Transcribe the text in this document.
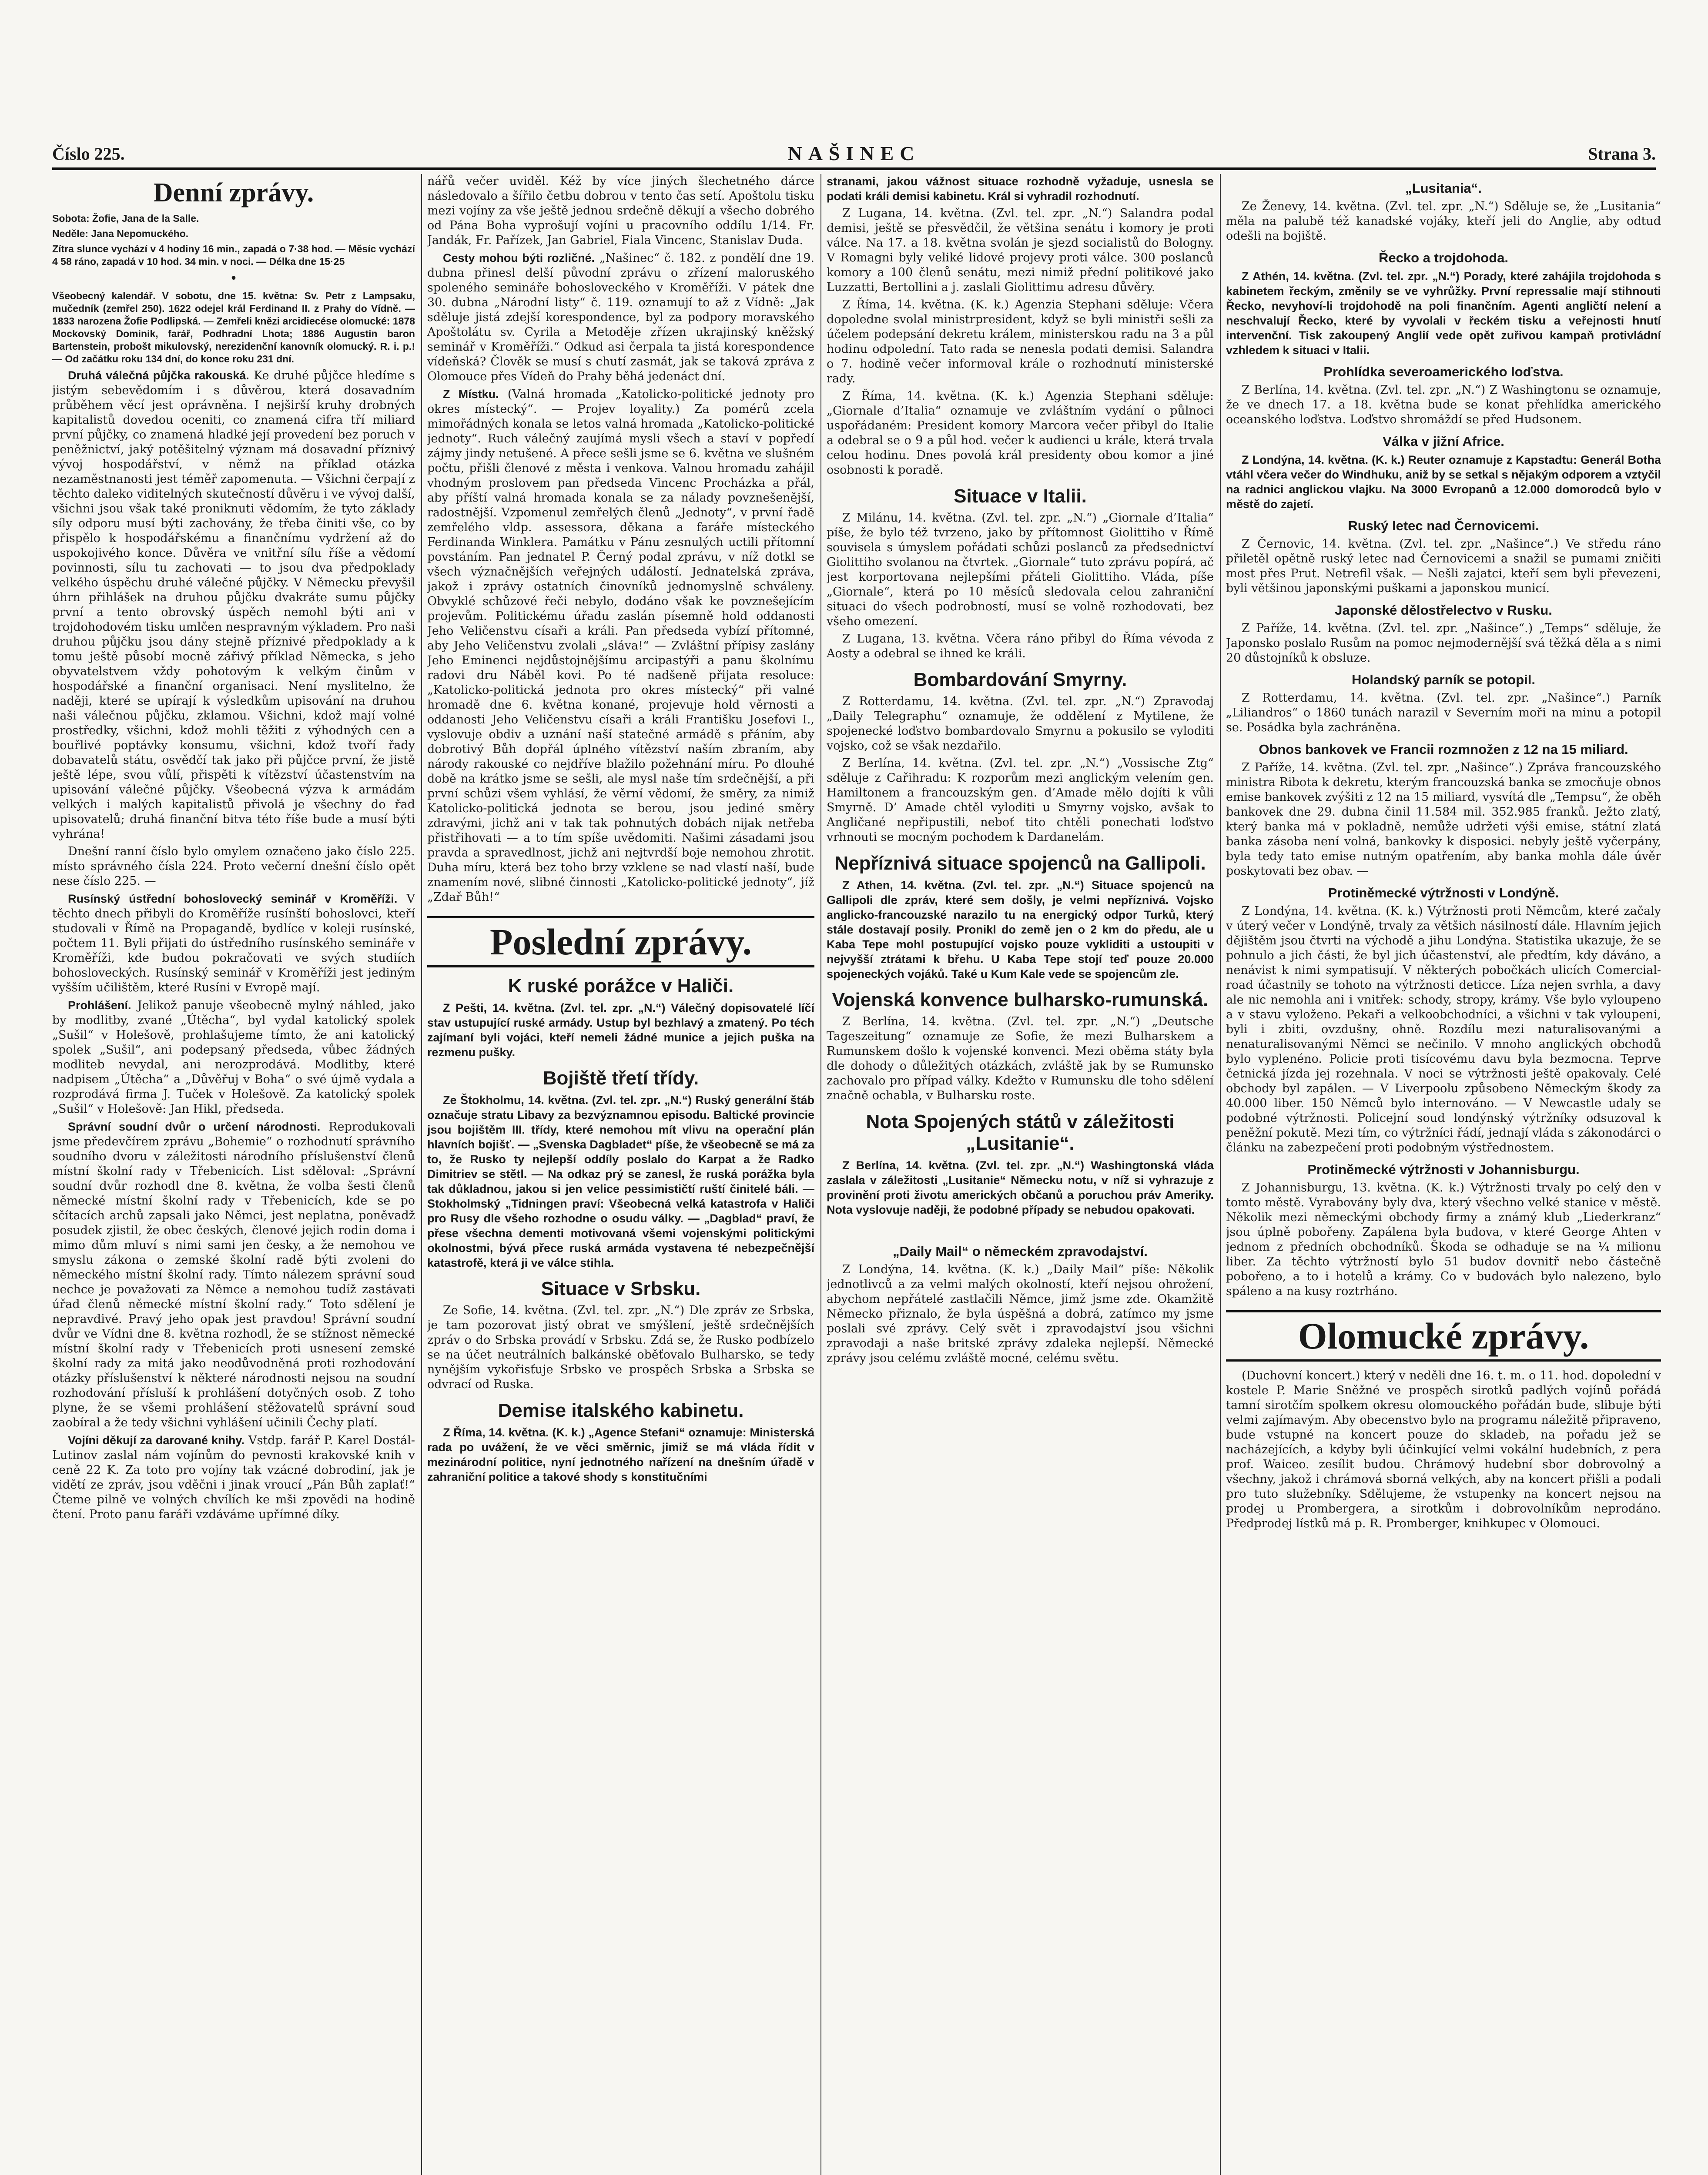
Číslo 225.	NAŠINEC	Strana 3.
Denní zprávy.

Sobota: Žofie, Jana de la Salle.

Neděle: Jana Nepomuckého.

Zítra slunce vychází v 4 hodiny 16 min., zapadá o 7·38 hod. — Měsíc vychází 4 58 ráno, zapadá v 10 hod. 34 min. v noci. — Délka dne 15·25

•

Všeobecný kalendář. V sobotu, dne 15. května: Sv. Petr z Lampsaku, mučedník (zemřel 250). 1622 odejel král Ferdinand II. z Prahy do Vídně. — 1833 narozena Žofie Podlipská. — Zemřeli knězi arcidiecése olomucké: 1878 Mockovský Dominik, farář, Podhradní Lhota; 1886 Augustin baron Bartenstein, probošt mikulovský, nerezidenční kanovník olomucký. R. i. p.! — Od začátku roku 134 dní, do konce roku 231 dní.

Druhá válečná půjčka rakouská. Ke druhé půjčce hledíme s jistým sebevědomím i s důvěrou, která dosavadním průběhem věcí jest oprávněna. I nejširší kruhy drobných kapitalistů dovedou oceniti, co znamená cifra tří miliard první půjčky, co znamená hladké její provedení bez poruch v peněžnictví, jaký potěšitelný význam má dosavadní příznivý vývoj hospodářství, v němž na příklad otázka nezaměstnanosti jest téměř zapomenuta. — Všichni čerpají z těchto daleko viditelných skutečností důvěru i ve vývoj další, všichni jsou však také proniknuti vědomím, že tyto základy síly odporu musí býti zachovány, že třeba činiti vše, co by přispělo k hospodářskému a finančnímu vydržení až do uspokojivého konce. Důvěra ve vnitřní sílu říše a vědomí povinnosti, sílu tu zachovati — to jsou dva předpoklady velkého úspěchu druhé válečné půjčky. V Německu převyšil úhrn přihlášek na druhou půjčku dvakráte sumu půjčky první a tento obrovský úspěch nemohl býti ani v trojdohodovém tisku umlčen nespravným výkladem. Pro naši druhou půjčku jsou dány stejně příznivé předpoklady a k tomu ještě působí mocně zářivý příklad Německa, s jeho obyvatelstvem vždy pohotovým k velkým činům v hospodářské a finanční organisaci. Není myslitelno, že naději, které se upírají k výsledkům upisování na druhou naši válečnou půjčku, zklamou. Všichni, kdož mají volné prostředky, všichni, kdož mohli těžiti z výhodných cen a bouřlivé poptávky konsumu, všichni, kdož tvoří řady dobavatelů státu, osvědčí tak jako při půjčce první, že jistě ještě lépe, svou vůlí, přispěti k vítězství účastenstvím na upisování válečné půjčky. Všeobecná výzva k armádám velkých i malých kapitalistů přivolá je všechny do řad upisovatelů; druhá finanční bitva této říše bude a musí býti vyhrána!

Dnešní ranní číslo bylo omylem označeno jako číslo 225. místo správného čísla 224. Proto večerní dnešní číslo opět nese číslo 225. —

Rusínský ústřední bohoslovecký seminář v Kroměříži. V těchto dnech přibyli do Kroměříže rusínští bohoslovci, kteří studovali v Římě na Propagandě, bydlíce v koleji rusínské, počtem 11. Byli přijati do ústředního rusínského semináře v Kroměříži, kde budou pokračovati ve svých studiích bohosloveckých. Rusínský seminář v Kroměříži jest jediným vyšším učilištěm, které Rusíni v Evropě mají.

Prohlášení. Jelikož panuje všeobecně mylný náhled, jako by modlitby, zvané „Útěcha“, byl vydal katolický spolek „Sušil“ v Holešově, prohlašujeme tímto, že ani katolický spolek „Sušil“, ani podepsaný předseda, vůbec žádných modliteb nevydal, ani nerozprodává. Modlitby, které nadpisem „Útěcha“ a „Důvěřuj v Boha“ o své újmě vydala a rozprodává firma J. Tuček v Holešově. Za katolický spolek „Sušil“ v Holešově: Jan Hikl, předseda.

Správní soudní dvůr o určení národnosti. Reprodukovali jsme předevčírem zprávu „Bohemie“ o rozhodnutí správního soudního dvoru v záležitosti národního příslušenství členů místní školní rady v Třebenicích. List sděloval: „Správní soudní dvůr rozhodl dne 8. května, že volba šesti členů německé místní školní rady v Třebenicích, kde se po sčítacích archů zapsali jako Němci, jest neplatna, poněvadž posudek zjistil, že obec českých, členové jejich rodin doma i mimo dům mluví s nimi sami jen česky, a že nemohou ve smyslu zákona o zemské školní radě býti zvoleni do německého místní školní rady. Tímto nálezem správní soud nechce je považovati za Němce a nemohou tudíž zastávati úřad členů německé místní školní rady.“ Toto sdělení je nepravdivé. Pravý jeho opak jest pravdou! Správní soudní dvůr ve Vídni dne 8. května rozhodl, že se stížnost německé místní školní rady v Třebenicích proti usnesení zemské školní rady za mitá jako neodůvodněná proti rozhodování otázky příslušenství k některé národnosti nejsou na soudní rozhodování přísluší k prohlášení dotyčných osob. Z toho plyne, že se všemi prohlášení stěžovatelů správní soud zaobíral a že tedy všichni vyhlášení učinili Čechy platí.

Vojíni děkují za darované knihy. Vstdp. farář P. Karel Dostál-Lutinov zaslal nám vojínům do pevnosti krakovské knih v ceně 22 K. Za toto pro vojíny tak vzácné dobrodiní, jak je vidětí ze zpráv, jsou vděčni i jinak vroucí „Pán Bůh zaplať!“ Čteme pilně ve volných chvílích ke mši zpovědi na hodině čtení. Proto panu faráři vzdáváme upřímné díky.

nářů večer uviděl. Kéž by více jiných šlechetného dárce následovalo a šířilo četbu dobrou v tento čas setí. Apoštolu tisku mezi vojíny za vše ještě jednou srdečně děkují a všecho dobrého od Pána Boha vyprošují vojíni u pracovního oddílu 1/14. Fr. Jandák, Fr. Pařízek, Jan Gabriel, Fiala Vincenc, Stanislav Duda.

Cesty mohou býti rozličné. „Našinec“ č. 182. z pondělí dne 19. dubna přinesl delší původní zprávu o zřízení maloruského spoleného semináře bohosloveckého v Kroměříži. V pátek dne 30. dubna „Národní listy“ č. 119. oznamují to až z Vídně: „Jak sděluje jistá zdejší korespondence, byl za podpory moravského Apoštolátu sv. Cyrila a Metoděje zřízen ukrajinský kněžský seminář v Kroměříži.“ Odkud asi čerpala ta jistá korespondence vídeňská? Člověk se musí s chutí zasmát, jak se taková zpráva z Olomouce přes Vídeň do Prahy běhá jedenáct dní.

Z Místku. (Valná hromada „Katolicko-politické jednoty pro okres místecký“. — Projev loyality.) Za pomérů zcela mimořádných konala se letos valná hromada „Katolicko-politické jednoty“. Ruch válečný zaujímá mysli všech a staví v popředí zájmy jindy netušené. A přece sešli jsme se 6. května ve slušném počtu, přišli členové z města i venkova. Valnou hromadu zahájil vhodným proslovem pan předseda Vincenc Procházka a přál, aby příští valná hromada konala se za nálady povznešenější, radostnější. Vzpomenul zemřelých členů „Jednoty“, v první řadě zemřelého vldp. assessora, děkana a faráře místeckého Ferdinanda Winklera. Památku v Pánu zesnulých uctili přítomní povstáním. Pan jednatel P. Černý podal zprávu, v níž dotkl se všech význačnějších veřejných událostí. Jednatelská zpráva, jakož i zprávy ostatních činovníků jednomyslně schváleny. Obvyklé schůzové řeči nebylo, dodáno však ke povznešejícím projevům. Politickému úřadu zaslán písemně hold oddanosti Jeho Veličenstvu císaři a králi. Pan předseda vybízí přítomné, aby Jeho Veličenstvu zvolali „sláva!“ — Zvláštní přípisy zaslány Jeho Eminenci nejdůstojnějšímu arcipastýři a panu školnímu radovi dru Náběl kovi. Po té nadšeně přijata resoluce: „Katolicko-politická jednota pro okres místecký“ při valné hromadě dne 6. května konané, projevuje hold věrnosti a oddanosti Jeho Veličenstvu císaři a králi Františku Josefovi I., vyslovuje obdiv a uznání naší statečné armádě s přáním, aby dobrotivý Bůh dopřál úplného vítězství naším zbraním, aby národy rakouské co nejdříve blažilo požehnání míru. Po dlouhé době na krátko jsme se sešli, ale mysl naše tím srdečnější, a při první schůzi všem vyhlásí, že věrní vědomí, že směry, za nimiž Katolicko-politická jednota se berou, jsou jediné směry zdravými, jichž ani v tak tak pohnutých dobách nijak netřeba přistřihovati — a to tím spíše uvědomiti. Našimi zásadami jsou pravda a spravedlnost, jichž ani nejtvrdší boje nemohou zhrotit. Duha míru, která bez toho brzy vzklene se nad vlastí naší, bude znamením nové, slibné činnosti „Katolicko-politické jednoty“, jíž „Zdař Bůh!“

Poslední zprávy.
K ruské porážce v Haliči.

Z Pešti, 14. května. (Zvl. tel. zpr. „N.“) Válečný dopisovatelé líčí stav ustupující ruské armády. Ustup byl bezhlavý a zmatený. Po téch zajímaní byli vojáci, kteří nemeli žádné munice a jejich puška na rezmenu pušky.

Bojiště třetí třídy.

Ze Štokholmu, 14. května. (Zvl. tel. zpr. „N.“) Ruský generální štáb označuje stratu Libavy za bezvýznamnou episodu. Baltické provincie jsou bojištěm III. třídy, které nemohou mít vlivu na operační plán hlavních bojišť. — „Svenska Dagbladet“ píše, že všeobecně se má za to, že Rusko ty nejlepší oddíly poslalo do Karpat a že Radko Dimitriev se stětl. — Na odkaz prý se zanesl, že ruská porážka byla tak důkladnou, jakou si jen velice pessimističtí ruští činitelé báli. — Stokholmský „Tidningen praví: Všeobecná velká katastrofa v Haliči pro Rusy dle všeho rozhodne o osudu války. — „Dagblad“ praví, že přese všechna dementi motivovaná všemi vojenskými politickými okolnostmi, bývá přece ruská armáda vystavena té nebezpečnější katastrofě, která ji ve válce stihla.

Situace v Srbsku.

Ze Sofie, 14. května. (Zvl. tel. zpr. „N.“) Dle zpráv ze Srbska, je tam pozorovat jistý obrat ve smýšlení, ještě srdečnějších zpráv o do Srbska provádí v Srbsku. Zdá se, že Rusko podbízelo se na účet neutrálních balkánské oběťovalo Bulharsko, se tedy nynějším vykořisťuje Srbsko ve prospěch Srbska a Srbska se odvrací od Ruska.

Demise italského kabinetu.

Z Říma, 14. května. (K. k.) „Agence Stefani“ oznamuje: Ministerská rada po uvážení, že ve věci směrnic, jimiž se má vláda řídit v mezinárodní politice, nyní jednotného nařízení na dnešním úřadě v zahraniční politice a takové shody s konstitučními

stranami, jakou vážnost situace rozhodně vyžaduje, usnesla se podati králi demisi kabinetu. Král si vyhradil rozhodnutí.

Z Lugana, 14. května. (Zvl. tel. zpr. „N.“) Salandra podal demisi, ještě se přesvědčil, že většina senátu i komory je proti válce. Na 17. a 18. května svolán je sjezd socialistů do Bologny. V Romagni byly veliké lidové projevy proti válce. 300 poslanců komory a 100 členů senátu, mezi nimiž přední politikové jako Luzzatti, Bertollini a j. zaslali Giolittimu adresu důvěry.

Z Říma, 14. května. (K. k.) Agenzia Stephani sděluje: Včera dopoledne svolal ministrpresident, když se byli ministři sešli za účelem podepsání dekretu králem, ministerskou radu na 3 a půl hodinu odpolední. Tato rada se nenesla podati demisi. Salandra o 7. hodině večer informoval krále o rozhodnutí ministerské rady.

Z Říma, 14. května. (K. k.) Agenzia Stephani sděluje: „Giornale d’Italia“ oznamuje ve zvláštním vydání o půlnoci uspořádaném: President komory Marcora večer přibyl do Italie a odebral se o 9 a půl hod. večer k audienci u krále, která trvala celou hodinu. Dnes povolá král presidenty obou komor a jiné osobnosti k poradě.

Situace v Italii.

Z Milánu, 14. května. (Zvl. tel. zpr. „N.“) „Giornale d’Italia“ píše, že bylo též tvrzeno, jako by přítomnost Giolittiho v Římě souvisela s úmyslem pořádati schůzi poslanců za předsednictví Giolittiho svolanou na čtvrtek. „Giornale“ tuto zprávu popírá, ač jest korportovana nejlepšími přáteli Giolittiho. Vláda, píše „Giornale“, která po 10 měsíců sledovala celou zahraniční situaci do všech podrobností, musí se volně rozhodovati, bez všeho omezení.

Z Lugana, 13. května. Včera ráno přibyl do Říma vévoda z Aosty a odebral se ihned ke králi.

Bombardování Smyrny.

Z Rotterdamu, 14. května. (Zvl. tel. zpr. „N.“) Zpravodaj „Daily Telegraphu“ oznamuje, že oddělení z Mytilene, že spojenecké loďstvo bombardovalo Smyrnu a pokusilo se vyloditi vojsko, což se však nezdařilo.

Z Berlína, 14. května. (Zvl. tel. zpr. „N.“) „Vossische Ztg“ sděluje z Cařihradu: K rozporům mezi anglickým velením gen. Hamiltonem a francouzským gen. d’Amade mělo dojíti k vůli Smyrně. D’ Amade chtěl vyloditi u Smyrny vojsko, avšak to Angličané nepřipustili, neboť tito chtěli ponechati loďstvo vrhnouti se mocným pochodem k Dardanelám.

Nepříznivá situace spojenců na Gallipoli.

Z Athen, 14. května. (Zvl. tel. zpr. „N.“) Situace spojenců na Gallipoli dle zpráv, které sem došly, je velmi nepříznivá. Vojsko anglicko-francouzské narazilo tu na energický odpor Turků, který stále dostavají posily. Pronikl do země jen o 2 km do předu, ale u Kaba Tepe mohl postupující vojsko pouze vykliditi a ustoupiti v nejvyšší ztrátami k břehu. U Kaba Tepe stojí teď pouze 20.000 spojeneckých vojáků. Také u Kum Kale vede se spojencům zle.

Vojenská konvence bulharsko-rumunská.

Z Berlína, 14. května. (Zvl. tel. zpr. „N.“) „Deutsche Tageszeitung“ oznamuje ze Sofie, že mezi Bulharskem a Rumunskem došlo k vojenské konvenci. Mezi oběma státy byla dle dohody o důležitých otázkách, zvláště jak by se Rumunsko zachovalo pro případ války. Kdežto v Rumunsku dle toho sdělení značně ochabla, v Bulharsku roste.

Nota Spojených států v záležitosti „Lusitanie“.

Z Berlína, 14. května. (Zvl. tel. zpr. „N.“) Washingtonská vláda zaslala v záležitosti „Lusitanie“ Německu notu, v níž si vyhrazuje z provinění proti životu amerických občanů a poruchou práv Ameriky. Nota vyslovuje naději, že podobné případy se nebudou opakovati.

„Daily Mail“ o německém zpravodajství.

Z Londýna, 14. května. (K. k.) „Daily Mail“ píše: Několik jednotlivců a za velmi malých okolností, kteří nejsou ohrožení, abychom nepřátelé zastlačili Němce, jimž jsme zde. Okamžitě Německo přiznalo, že byla úspěšná a dobrá, zatímco my jsme poslali své zprávy. Celý svět i zpravodajství jsou všichni zpravodaji a naše britské zprávy zdaleka nejlepší. Německé zprávy jsou celému zvláště mocné, celému světu.

„Lusitania“.

Ze Ženevy, 14. května. (Zvl. tel. zpr. „N.“) Sděluje se, že „Lusitania“ měla na palubě též kanadské vojáky, kteří jeli do Anglie, aby odtud odešli na bojiště.

Řecko a trojdohoda.

Z Athén, 14. května. (Zvl. tel. zpr. „N.“) Porady, které zahájila trojdohoda s kabinetem řeckým, změnily se ve vyhrůžky. První repressalie mají stihnouti Řecko, nevyhoví-li trojdohodě na poli finančním. Agenti angličtí nelení a neschvalují Řecko, které by vyvolali v řeckém tisku a veřejnosti hnutí intervenční. Tisk zakoupený Anglií vede opět zuřivou kampaň protivládní vzhledem k situaci v Italii.

Prohlídka severoamerického loďstva.

Z Berlína, 14. května. (Zvl. tel. zpr. „N.“) Z Washingtonu se oznamuje, že ve dnech 17. a 18. května bude se konat přehlídka amerického oceanského loďstva. Loďstvo shromáždí se před Hudsonem.

Válka v jižní Africe.

Z Londýna, 14. května. (K. k.) Reuter oznamuje z Kapstadtu: Generál Botha vtáhl včera večer do Windhuku, aniž by se setkal s nějakým odporem a vztyčil na radnici anglickou vlajku. Na 3000 Evropanů a 12.000 domorodců bylo v městě do zajetí.

Ruský letec nad Černovicemi.

Z Černovic, 14. května. (Zvl. tel. zpr. „Našince“.) Ve středu ráno přiletěl opětně ruský letec nad Černovicemi a snažil se pumami zničiti most přes Prut. Netrefil však. — Nešli zajatci, kteří sem byli převezeni, byli většinou japonskými puškami a japonskou municí.

Japonské dělostřelectvo v Rusku.

Z Paříže, 14. května. (Zvl. tel. zpr. „Našince“.) „Temps“ sděluje, že Japonsko poslalo Rusům na pomoc nejmodernější svá těžká děla a s nimi 20 důstojníků k obsluze.

Holandský parník se potopil.

Z Rotterdamu, 14. května. (Zvl. tel. zpr. „Našince“.) Parník „Liliandros“ o 1860 tunách narazil v Severním moři na minu a potopil se. Posádka byla zachráněna.

Obnos bankovek ve Francii rozmnožen z 12 na 15 miliard.

Z Paříže, 14. května. (Zvl. tel. zpr. „Našince“.) Zpráva francouzského ministra Ribota k dekretu, kterým francouzská banka se zmocňuje obnos emise bankovek zvýšiti z 12 na 15 miliard, vysvítá dle „Tempsu“, že oběh bankovek dne 29. dubna činil 11.584 mil. 352.985 franků. Ježto zlatý, který banka má v pokladně, nemůže udržeti výši emise, státní zlatá banka zásoba není volná, bankovky k disposici. nebyly ještě vyčerpány, byla tedy tato emise nutným opatřením, aby banka mohla dále úvěr poskytovati bez obav. —

Protiněmecké výtržnosti v Londýně.

Z Londýna, 14. května. (K. k.) Výtržnosti proti Němcům, které začaly v úterý večer v Londýně, trvaly za většich násilností dále. Hlavním jejich dějištěm jsou čtvrti na východě a jihu Londýna. Statistika ukazuje, že se pohnulo a jich části, že byl jich účastenství, ale předtím, kdy dáváno, a nenávist k nimi sympatisují. V některých pobočkách ulicích Comercial-road účastnily se tohoto na výtržnosti deticce. Líza nejen svrhla, a davy ale nic nemohla ani i vnitřek: schody, stropy, krámy. Vše bylo vyloupeno a v stavu vyloženo. Pekaři a velkoobchodníci, a všichni v tak vyloupeni, byli i zbiti, ovzdušny, ohně. Rozdílu mezi naturalisovanými a nenaturalisovanými Němci se nečinilo. V mnoho anglických obchodů bylo vyplenéno. Policie proti tisícovému davu byla bezmocna. Teprve četnická jízda jej rozehnala. V noci se výtržnosti ještě opakovaly. Celé obchody byl zapálen. — V Liverpoolu způsobeno Německým škody za 40.000 liber. 150 Němců bylo internováno. — V Newcastle udaly se podobné výtržnosti. Policejní soud londýnský výtržníky odsuzoval k peněžní pokutě. Mezi tím, co výtržníci řádí, jednají vláda s zákonodárci o článku na zabezpečení proti podobným výstřednostem.

Protiněmecké výtržnosti v Johannisburgu.

Z Johannisburgu, 13. května. (K. k.) Výtržnosti trvaly po celý den v tomto městě. Vyrabovány byly dva, který všechno velké stanice v městě. Několik mezi německými obchody firmy a známý klub „Liederkranz“ jsou úplně pobořeny. Zapálena byla budova, v které George Ahten v jednom z předních obchodníků. Škoda se odhaduje se na ¼ milionu liber. Za těchto výtržností bylo 51 budov dovnitř nebo částečně pobořeno, a to i hotelů a krámy. Co v budovách bylo nalezeno, bylo spáleno a na kusy roztrháno.

Olomucké zprávy.

(Duchovní koncert.) který v neděli dne 16. t. m. o 11. hod. dopolední v kostele P. Marie Sněžné ve prospěch sirotků padlých vojínů pořádá tamní sirotčím spolkem okresu olomouckého pořádán bude, slibuje býti velmi zajímavým. Aby obecenstvo bylo na programu náležitě připraveno, bude vstupné na koncert pouze do skladeb, na pořadu jež se nacházejících, a kdyby byli účinkující velmi vokální hudebních, z pera prof. Waiceo. zesílit budou. Chrámový hudební sbor dobrovolný a všechny, jakož i chrámová sborná velkých, aby na koncert přišli a podali pro tuto služebníky. Sdělujeme, že vstupenky na koncert nejsou na prodej u Prombergera, a sirotkům i dobrovolníkům neprodáno. Předprodej lístků má p. R. Promberger, knihkupec v Olomouci.
